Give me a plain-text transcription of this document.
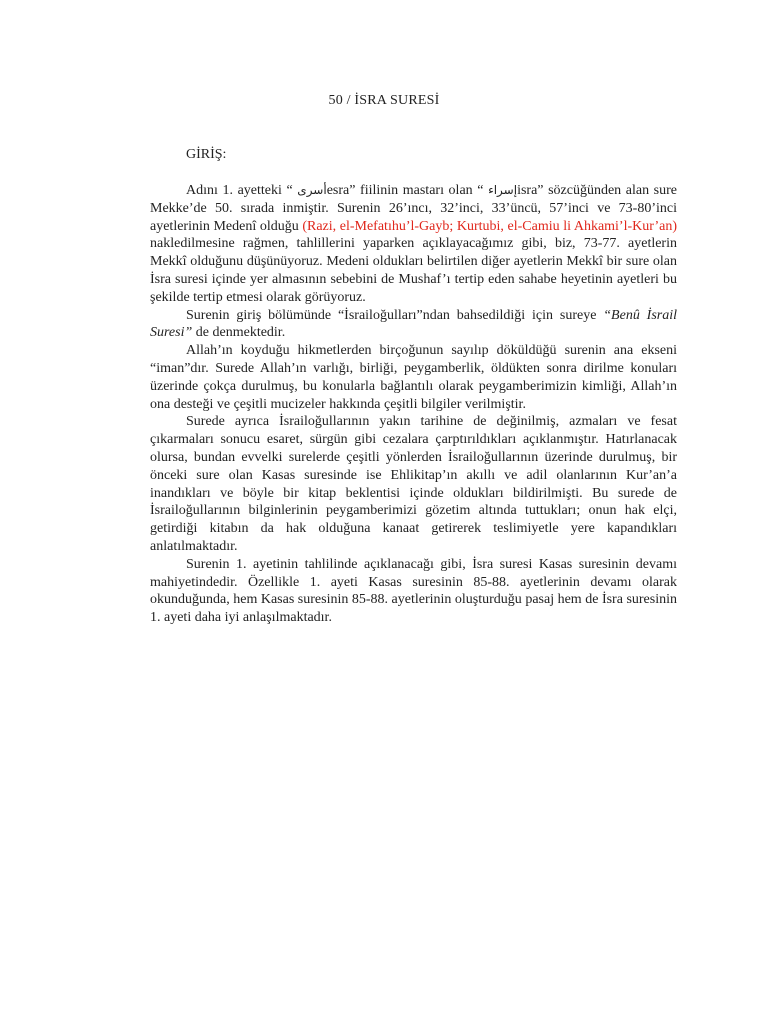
50 / İSRA SURESİ
GİRİŞ:

Adını 1. ayetteki “ أسرىesra” fiilinin mastarı olan “ إسراءisra” sözcüğünden alan sure Mekke’de 50. sırada inmiştir. Surenin 26’ıncı, 32’inci, 33’üncü, 57’inci ve 73-80’inci ayetlerinin Medenî olduğu (Razi, el-Mefatıhu’l-Gayb; Kurtubi, el-Camiu li Ahkami’l-Kur’an) nakledilmesine rağmen, tahlillerini yaparken açıklayacağımız gibi, biz, 73-77. ayetlerin Mekkî olduğunu düşünüyoruz. Medeni oldukları belirtilen diğer ayetlerin Mekkî bir sure olan İsra suresi içinde yer almasının sebebini de Mushaf’ı tertip eden sahabe heyetinin ayetleri bu şekilde tertip etmesi olarak görüyoruz.

Surenin giriş bölümünde “İsrailoğulları”ndan bahsedildiği için sureye “Benû İsrail Suresi” de denmektedir.

Allah’ın koyduğu hikmetlerden birçoğunun sayılıp döküldüğü surenin ana ekseni “iman”dır. Surede Allah’ın varlığı, birliği, peygamberlik, öldükten sonra dirilme konuları üzerinde çokça durulmuş, bu konularla bağlantılı olarak peygamberimizin kimliği, Allah’ın ona desteği ve çeşitli mucizeler hakkında çeşitli bilgiler verilmiştir.

Surede ayrıca İsrailoğullarının yakın tarihine de değinilmiş, azmaları ve fesat çıkarmaları sonucu esaret, sürgün gibi cezalara çarptırıldıkları açıklanmıştır. Hatırlanacak olursa, bundan evvelki surelerde çeşitli yönlerden İsrailoğullarının üzerinde durulmuş, bir önceki sure olan Kasas suresinde ise Ehlikitap’ın akıllı ve adil olanlarının Kur’an’a inandıkları ve böyle bir kitap beklentisi içinde oldukları bildirilmişti. Bu surede de İsrailoğullarının bilginlerinin peygamberimizi gözetim altında tuttukları; onun hak elçi, getirdiği kitabın da hak olduğuna kanaat getirerek teslimiyetle yere kapandıkları anlatılmaktadır.

Surenin 1. ayetinin tahlilinde açıklanacağı gibi, İsra suresi Kasas suresinin devamı mahiyetindedir. Özellikle 1. ayeti Kasas suresinin 85-88. ayetlerinin devamı olarak okunduğunda, hem Kasas suresinin 85-88. ayetlerinin oluşturduğu pasaj hem de İsra suresinin 1. ayeti daha iyi anlaşılmaktadır.
